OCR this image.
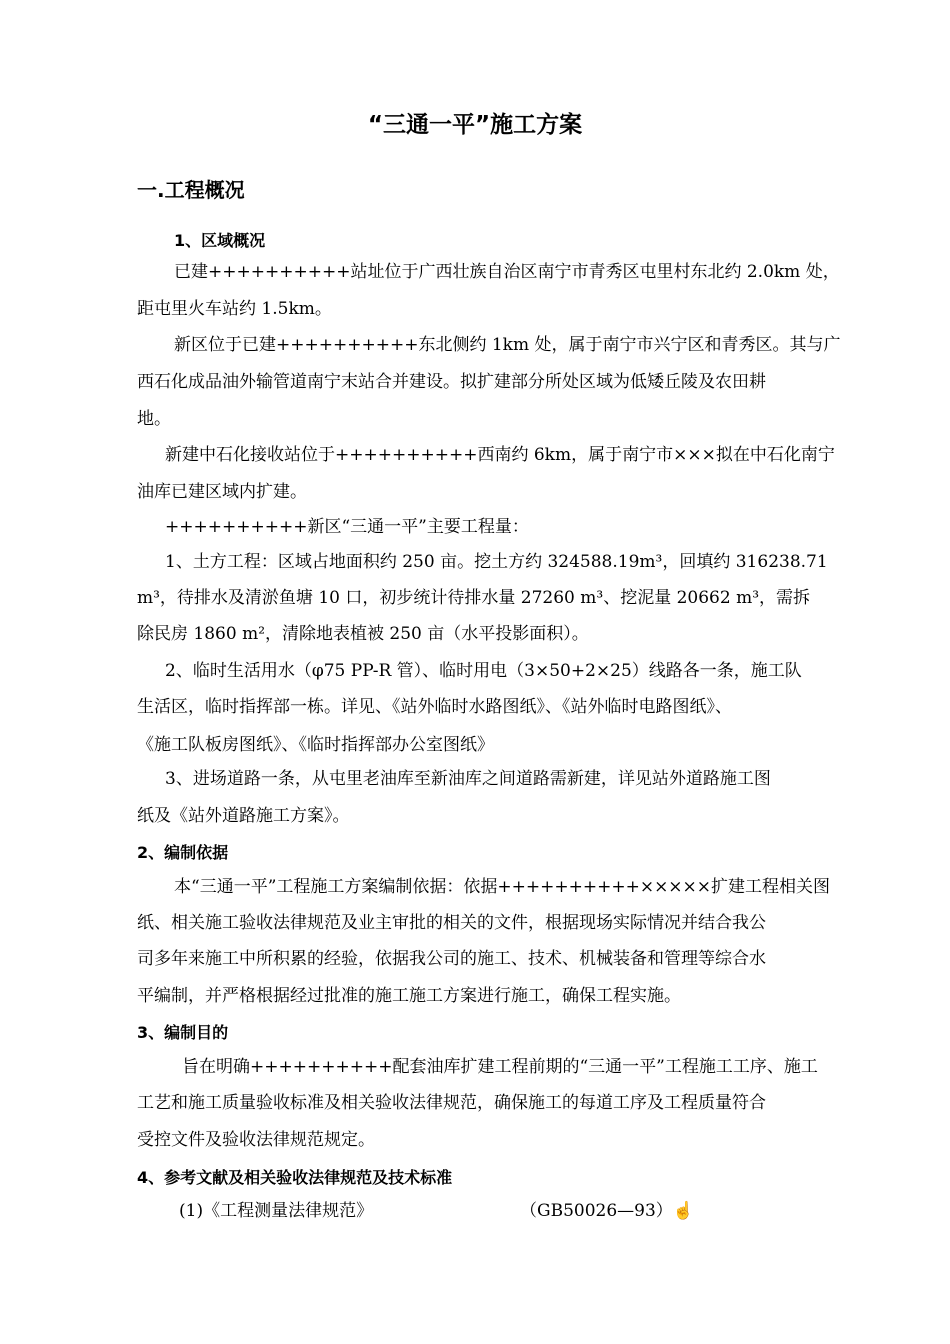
“三通一平”施工方案
一.工程概况
1、区域概况
已建++++++++++站址位于广西壮族自治区南宁市青秀区屯里村东北约 2.0km 处，
距屯里火车站约 1.5km。
新区位于已建++++++++++东北侧约 1km 处，属于南宁市兴宁区和青秀区。其与广
西石化成品油外输管道南宁末站合并建设。拟扩建部分所处区域为低矮丘陵及农田耕
地。
新建中石化接收站位于++++++++++西南约 6km，属于南宁市×××拟在中石化南宁
油库已建区域内扩建。
++++++++++新区“三通一平”主要工程量：
1、土方工程：区域占地面积约 250 亩。挖土方约 324588.19m³，回填约 316238.71
m³，待排水及清淤鱼塘 10 口，初步统计待排水量 27260 m³、挖泥量 20662 m³，需拆
除民房 1860 m²，清除地表植被 250 亩（水平投影面积）。
2、临时生活用水（φ75 PP-R 管）、临时用电（3×50+2×25）线路各一条，施工队
生活区，临时指挥部一栋。详见、《站外临时水路图纸》、《站外临时电路图纸》、
《施工队板房图纸》、《临时指挥部办公室图纸》
3、进场道路一条，从屯里老油库至新油库之间道路需新建，详见站外道路施工图
纸及《站外道路施工方案》。
2、编制依据
本“三通一平”工程施工方案编制依据：依据++++++++++×××××扩建工程相关图
纸、相关施工验收法律规范及业主审批的相关的文件，根据现场实际情况并结合我公
司多年来施工中所积累的经验，依据我公司的施工、技术、机械装备和管理等综合水
平编制，并严格根据经过批准的施工施工方案进行施工，确保工程实施。
3、编制目的
旨在明确++++++++++配套油库扩建工程前期的“三通一平”工程施工工序、施工
工艺和施工质量验收标准及相关验收法律规范，确保施工的每道工序及工程质量符合
受控文件及验收法律规范规定。
4、参考文献及相关验收法律规范及技术标准
(1)《工程测量法律规范》	（GB50026—93）☝
